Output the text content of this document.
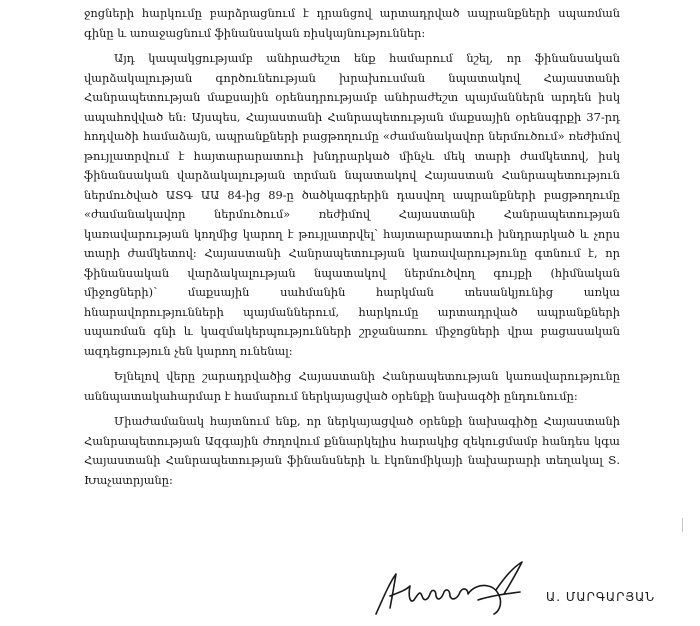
ջոցների հարկումը բարձրացնում է դրանցով արտադրված ապրանքների սպառման գինը և առաջացնում ֆինանսական ռիսկայնություններ:

Այդ կապակցությամբ անհրաժեշտ ենք համարում նշել, որ ֆինանսական վարձակալության գործունեության խրախուսման նպատակով Հայաստանի Հանրապետության մաքսային օրենսդրությամբ անհրաժեշտ պայմաններն արդեն իսկ ապահովված են: Այսպես, Հայաստանի Հանրապետության մաքսային օրենսգրքի 37-րդ հոդվածի համաձայն, ապրանքների բացթողումը «ժամանակավոր ներմուծում» ռեժիմով թույլատրվում է հայտարարատուի խնդրարկած մինչև մեկ տարի ժամկետով, իսկ ֆինանսական վարձակալության տրման նպատակով Հայաստան Հանրապետություն ներմուծված ԱՏԳ ԱԱ 84-ից 89-ը ծածկագրերին դասվող ապրանքների բացթողումը «ժամանակավոր ներմուծում» ռեժիմով Հայաստանի Հանրապետության կառավարության կողմից կարող է թույլատրվել՝ հայտարարատուի խնդրարկած և չորս տարի ժամկետով: Հայաստանի Հանրապետության կառավարությունը գտնում է, որ ֆինանսական վարձակալության նպատակով ներմուծվող գույքի (հիմնական միջոցների)՝ մաքսային սահմանին հարկման տեսանկյունից առկա հնարավորությունների պայմաններում, հարկումը արտադրված ապրանքների սպառման գնի և կազմակերպությունների շրջանառու միջոցների վրա բացասական ազդեցություն չեն կարող ունենալ:

Ելնելով վերը շարադրվածից Հայաստանի Հանրապետության կառավարությունը աննպատակահարմար է համարում ներկայացված օրենքի նախագծի ընդունումը:

Միաժամանակ հայտնում ենք, որ ներկայացված օրենքի նախագիծը Հայաստանի Հանրապետության Ազգային ժողովում քննարկելիս հարակից զեկուցմամբ հանդես կգա Հայաստանի Հանրապետության ֆինանսների և էկոնոմիկայի նախարարի տեղակալ Տ. Խաչատրյանը:

Ա. ՄԱՐԳԱՐՅԱՆ
